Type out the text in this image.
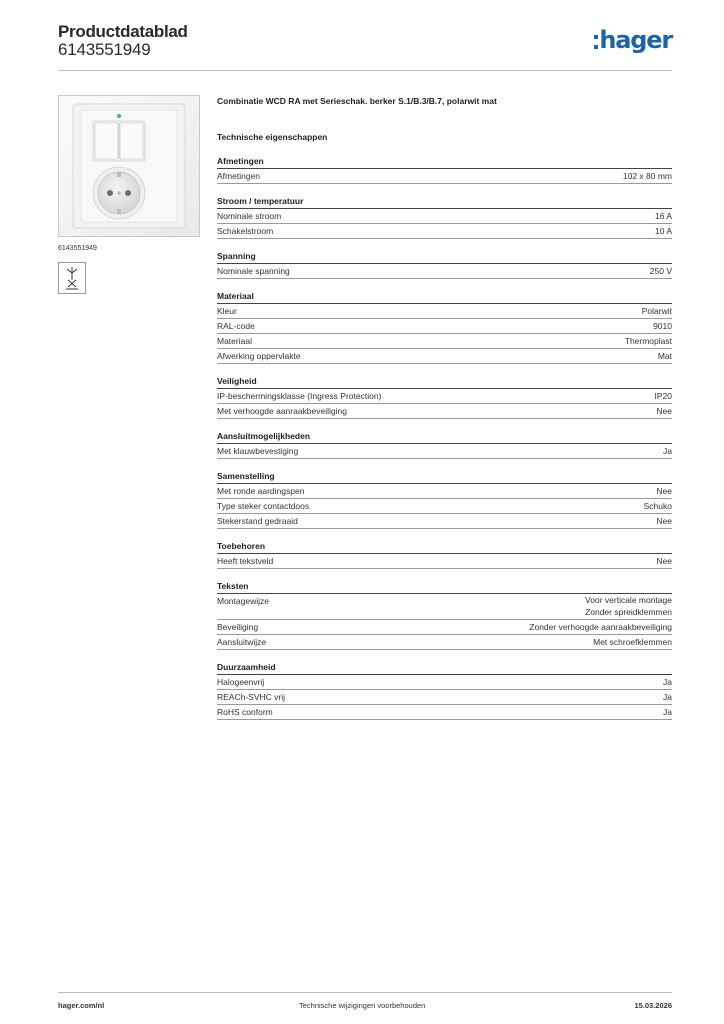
Productdatablad
6143551949	hager
6143551949
Combinatie WCD RA met Serieschak. berker S.1/B.3/B.7, polarwit mat
Technische eigenschappen
Afmetingen
Afmetingen	102 x 80 mm
Stroom / temperatuur
Nominale stroom	16 A
Schakelstroom	10 A
Spanning
Nominale spanning	250 V
Materiaal
Kleur	Polarwit
RAL-code	9010
Materiaal	Thermoplast
Afwerking oppervlakte	Mat
Veiligheid
IP-beschermingsklasse (Ingress Protection)	IP20
Met verhoogde aanraakbeveiliging	Nee
Aansluitmogelijkheden
Met klauwbevestiging	Ja
Samenstelling
Met ronde aardingspen	Nee
Type steker contactdoos	Schuko
Stekerstand gedraaid	Nee
Toebehoren
Heeft tekstveld	Nee
Teksten
Montagewijze	Voor verticale montage
Zonder spreidklemmen
Beveiliging	Zonder verhoogde aanraakbeveiliging
Aansluitwijze	Met schroefklemmen
Duurzaamheid
Halogeenvrij	Ja
REACh-SVHC vrij	Ja
RoHS conform	Ja
hager.com/nl	Technische wijzigingen voorbehouden	15.03.2026
